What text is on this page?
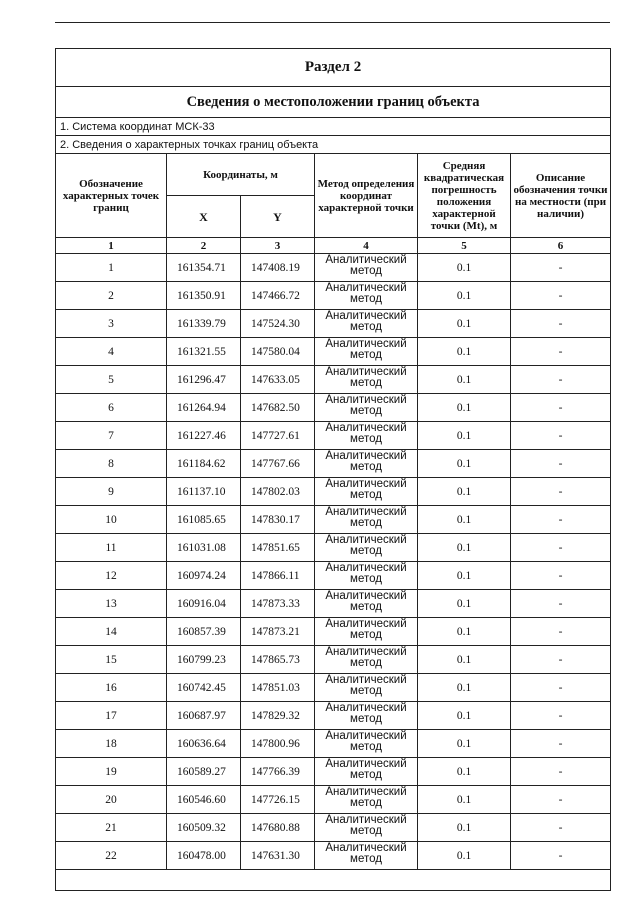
Раздел 2					
Сведения о местоположении границ объекта					
1. Система координат МСК-33					
2. Сведения о характерных точках границ объекта					
Обозначение характерных точек границ	Координаты, м		Метод определения координат характерной точки	Средняя квадратическая погрешность положения характерной точки (Mt), м	Описание обозначения точки на местности (при наличии)
	X	Y			
1	2	3	4	5	6
1	161354.71	147408.19	Аналитический метод	0.1	-
2	161350.91	147466.72	Аналитический метод	0.1	-
3	161339.79	147524.30	Аналитический метод	0.1	-
4	161321.55	147580.04	Аналитический метод	0.1	-
5	161296.47	147633.05	Аналитический метод	0.1	-
6	161264.94	147682.50	Аналитический метод	0.1	-
7	161227.46	147727.61	Аналитический метод	0.1	-
8	161184.62	147767.66	Аналитический метод	0.1	-
9	161137.10	147802.03	Аналитический метод	0.1	-
10	161085.65	147830.17	Аналитический метод	0.1	-
11	161031.08	147851.65	Аналитический метод	0.1	-
12	160974.24	147866.11	Аналитический метод	0.1	-
13	160916.04	147873.33	Аналитический метод	0.1	-
14	160857.39	147873.21	Аналитический метод	0.1	-
15	160799.23	147865.73	Аналитический метод	0.1	-
16	160742.45	147851.03	Аналитический метод	0.1	-
17	160687.97	147829.32	Аналитический метод	0.1	-
18	160636.64	147800.96	Аналитический метод	0.1	-
19	160589.27	147766.39	Аналитический метод	0.1	-
20	160546.60	147726.15	Аналитический метод	0.1	-
21	160509.32	147680.88	Аналитический метод	0.1	-
22	160478.00	147631.30	Аналитический метод	0.1	-
